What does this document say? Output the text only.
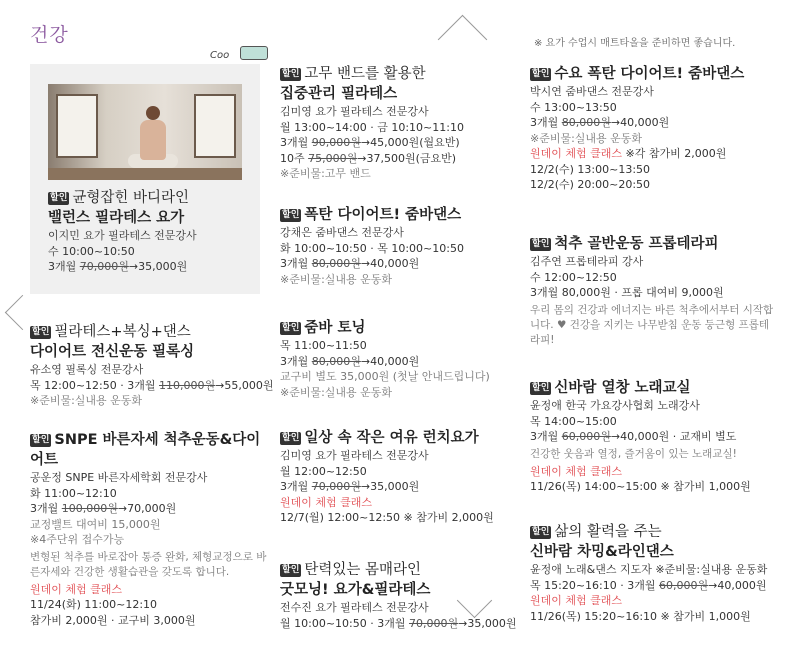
건강	※ 요가 수업시 매트타올을 준비하면 좋습니다.
Coo
할인 균형잡힌 바디라인
밸런스 필라테스 요가
이지민 요가 필라테스 전문강사
수 10:00~10:50
3개월 70,000원→35,000원
할인 필라테스+복싱+댄스
다이어트 전신운동 필록싱
유소영 필록싱 전문강사
목 12:00~12:50 · 3개월 110,000원→55,000원
※준비물:실내용 운동화
할인 SNPE 바른자세 척추운동&다이어트
공운정 SNPE 바른자세학회 전문강사
화 11:00~12:10
3개월 100,000원→70,000원
교정밸트 대여비 15,000원
※4주단위 접수가능
변형된 척추를 바로잡아 통증 완화, 체형교정으로 바른자세와 건강한 생활습관을 갖도록 합니다.
원데이 체험 클래스
11/24(화) 11:00~12:10
참가비 2,000원 · 교구비 3,000원
할인 고무 밴드를 활용한
집중관리 필라테스
김미영 요가 필라테스 전문강사
월 13:00~14:00 · 금 10:10~11:10
3개월 90,000원→45,000원(월요반)
10주 75,000원→37,500원(금요반)
※준비물:고무 밴드
할인 폭탄 다이어트! 줌바댄스
강채은 줌바댄스 전문강사
화 10:00~10:50 · 목 10:00~10:50
3개월 80,000원→40,000원
※준비물:실내용 운동화
할인 줌바 토닝
목 11:00~11:50
3개월 80,000원→40,000원
교구비 별도 35,000원 (첫날 안내드립니다)
※준비물:실내용 운동화
할인 일상 속 작은 여유 런치요가
김미영 요가 필라테스 전문강사
월 12:00~12:50
3개월 70,000원→35,000원
원데이 체험 클래스
12/7(월) 12:00~12:50 ※ 참가비 2,000원
할인 탄력있는 몸매라인
굿모닝! 요가&필라테스
전수진 요가 필라테스 전문강사
월 10:00~10:50 · 3개월 70,000원→35,000원
할인 수요 폭탄 다이어트! 줌바댄스
박시연 줌바댄스 전문강사
수 13:00~13:50
3개월 80,000원→40,000원
※준비물:실내용 운동화
원데이 체험 클래스 ※각 참가비 2,000원
12/2(수) 13:00~13:50
12/2(수) 20:00~20:50
할인 척추 골반운동 프롭테라피
김주연 프롭테라피 강사
수 12:00~12:50
3개월 80,000원 · 프롭 대여비 9,000원
우리 몸의 건강과 에너지는 바른 척추에서부터 시작합니다. ♥ 건강을 지키는 나무받침 운동 둥근형 프롭테라피!
할인 신바람 열창 노래교실
윤정애 한국 가요강사협회 노래강사
목 14:00~15:00
3개월 60,000원→40,000원 · 교재비 별도
건강한 웃음과 열정, 즐거움이 있는 노래교실!
원데이 체험 클래스
11/26(목) 14:00~15:00 ※ 참가비 1,000원
할인 삶의 활력을 주는
신바람 차밍&라인댄스
윤정애 노래&댄스 지도자 ※준비물:실내용 운동화
목 15:20~16:10 · 3개월 60,000원→40,000원
원데이 체험 클래스
11/26(목) 15:20~16:10 ※ 참가비 1,000원
